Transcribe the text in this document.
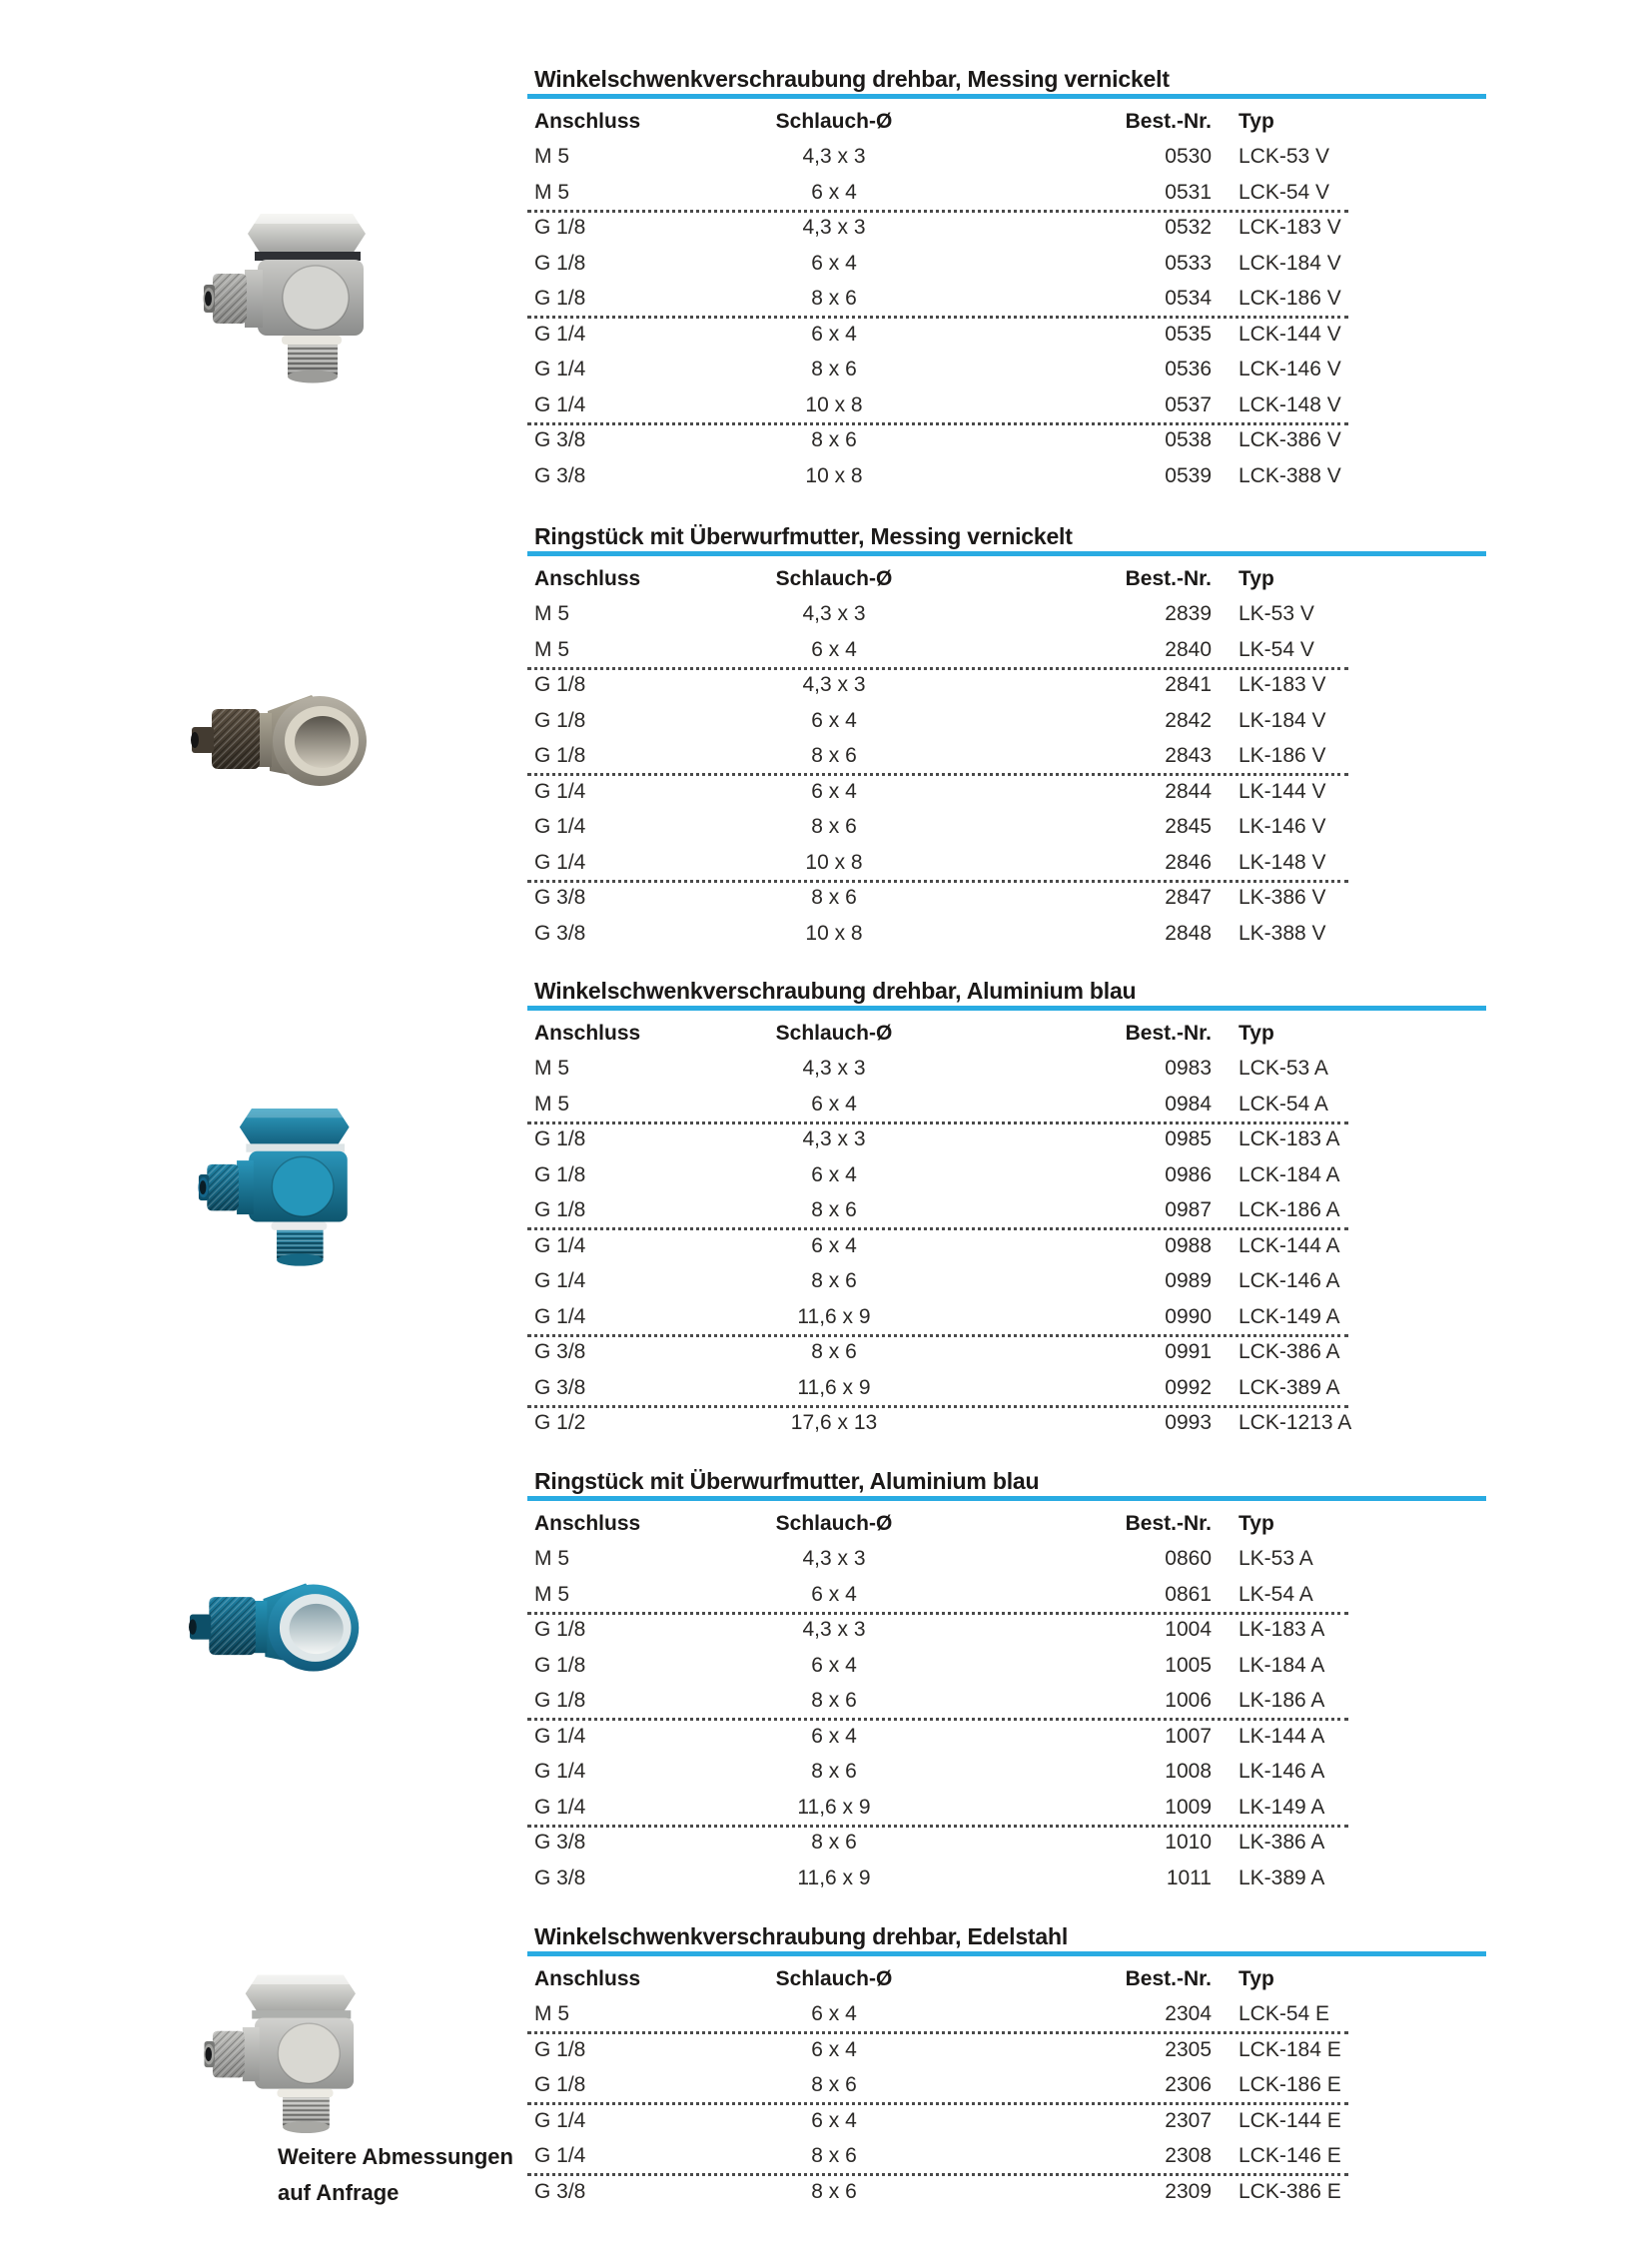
Winkelschwenkverschraubung drehbar, Messing vernickelt
Anschluss	Schlauch-Ø	Best.-Nr. Typ
M 5	4,3 x 3	0530 LCK-53 V
M 5	6 x 4	0531 LCK-54 V
G 1/8	4,3 x 3	0532 LCK-183 V
G 1/8	6 x 4	0533 LCK-184 V
G 1/8	8 x 6	0534 LCK-186 V
G 1/4	6 x 4	0535 LCK-144 V
G 1/4	8 x 6	0536 LCK-146 V
G 1/4	10 x 8	0537 LCK-148 V
G 3/8	8 x 6	0538 LCK-386 V
G 3/8	10 x 8	0539 LCK-388 V
Ringstück mit Überwurfmutter, Messing vernickelt
Anschluss	Schlauch-Ø	Best.-Nr. Typ
M 5	4,3 x 3	2839 LK-53 V
M 5	6 x 4	2840 LK-54 V
G 1/8	4,3 x 3	2841 LK-183 V
G 1/8	6 x 4	2842 LK-184 V
G 1/8	8 x 6	2843 LK-186 V
G 1/4	6 x 4	2844 LK-144 V
G 1/4	8 x 6	2845 LK-146 V
G 1/4	10 x 8	2846 LK-148 V
G 3/8	8 x 6	2847 LK-386 V
G 3/8	10 x 8	2848 LK-388 V
Winkelschwenkverschraubung drehbar, Aluminium blau
Anschluss	Schlauch-Ø	Best.-Nr. Typ
M 5	4,3 x 3	0983 LCK-53 A
M 5	6 x 4	0984 LCK-54 A
G 1/8	4,3 x 3	0985 LCK-183 A
G 1/8	6 x 4	0986 LCK-184 A
G 1/8	8 x 6	0987 LCK-186 A
G 1/4	6 x 4	0988 LCK-144 A
G 1/4	8 x 6	0989 LCK-146 A
G 1/4	11,6 x 9	0990 LCK-149 A
G 3/8	8 x 6	0991 LCK-386 A
G 3/8	11,6 x 9	0992 LCK-389 A
G 1/2	17,6 x 13	0993 LCK-1213 A
Ringstück mit Überwurfmutter, Aluminium blau
Anschluss	Schlauch-Ø	Best.-Nr. Typ
M 5	4,3 x 3	0860 LK-53 A
M 5	6 x 4	0861 LK-54 A
G 1/8	4,3 x 3	1004 LK-183 A
G 1/8	6 x 4	1005 LK-184 A
G 1/8	8 x 6	1006 LK-186 A
G 1/4	6 x 4	1007 LK-144 A
G 1/4	8 x 6	1008 LK-146 A
G 1/4	11,6 x 9	1009 LK-149 A
G 3/8	8 x 6	1010 LK-386 A
G 3/8	11,6 x 9	1011 LK-389 A
Winkelschwenkverschraubung drehbar, Edelstahl
Anschluss	Schlauch-Ø	Best.-Nr. Typ
M 5	6 x 4	2304 LCK-54 E
G 1/8	6 x 4	2305 LCK-184 E
G 1/8	8 x 6	2306 LCK-186 E
G 1/4	6 x 4	2307 LCK-144 E
G 1/4	8 x 6	2308 LCK-146 E
G 3/8	8 x 6	2309 LCK-386 E
Weitere Abmessungen
auf Anfrage
